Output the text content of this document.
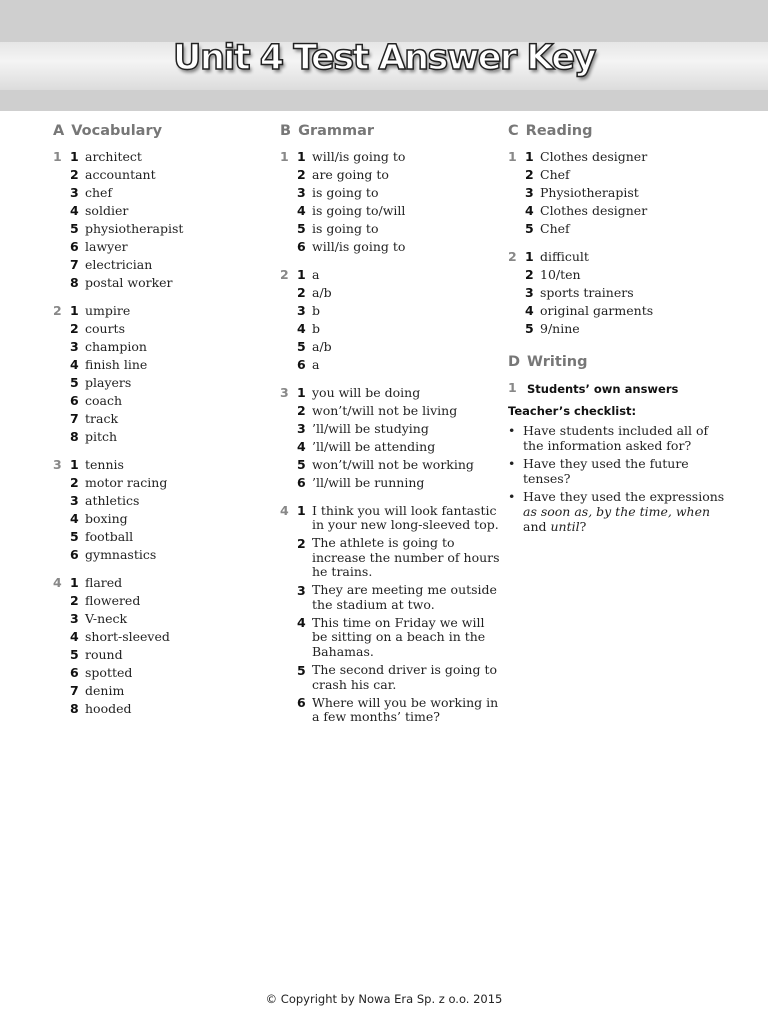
Unit 4 Test Answer Key
A Vocabulary
1 1 architect
2 accountant
3 chef
4 soldier
5 physiotherapist
6 lawyer
7 electrician
8 postal worker
2 1 umpire
2 courts
3 champion
4 finish line
5 players
6 coach
7 track
8 pitch
3 1 tennis
2 motor racing
3 athletics
4 boxing
5 football
6 gymnastics
4 1 flared
2 flowered
3 V-neck
4 short-sleeved
5 round
6 spotted
7 denim
8 hooded
B Grammar
1 1 will/is going to
2 are going to
3 is going to
4 is going to/will
5 is going to
6 will/is going to
2 1 a
2 a/b
3 b
4 b
5 a/b
6 a
3 1 you will be doing
2 won’t/will not be living
3 ’ll/will be studying
4 ’ll/will be attending
5 won’t/will not be working
6 ’ll/will be running
4 1 I think you will look fantastic in your new long-sleeved top.
2 The athlete is going to increase the number of hours he trains.
3 They are meeting me outside the stadium at two.
4 This time on Friday we will be sitting on a beach in the Bahamas.
5 The second driver is going to crash his car.
6 Where will you be working in a few months’ time?
C Reading
1 1 Clothes designer
2 Chef
3 Physiotherapist
4 Clothes designer
5 Chef
2 1 difficult
2 10/ten
3 sports trainers
4 original garments
5 9/nine
D Writing
1 Students’ own answers
Teacher’s checklist:
• Have students included all of the information asked for?
• Have they used the future tenses?
• Have they used the expressions as soon as, by the time, when and until?
© Copyright by Nowa Era Sp. z o.o. 2015
